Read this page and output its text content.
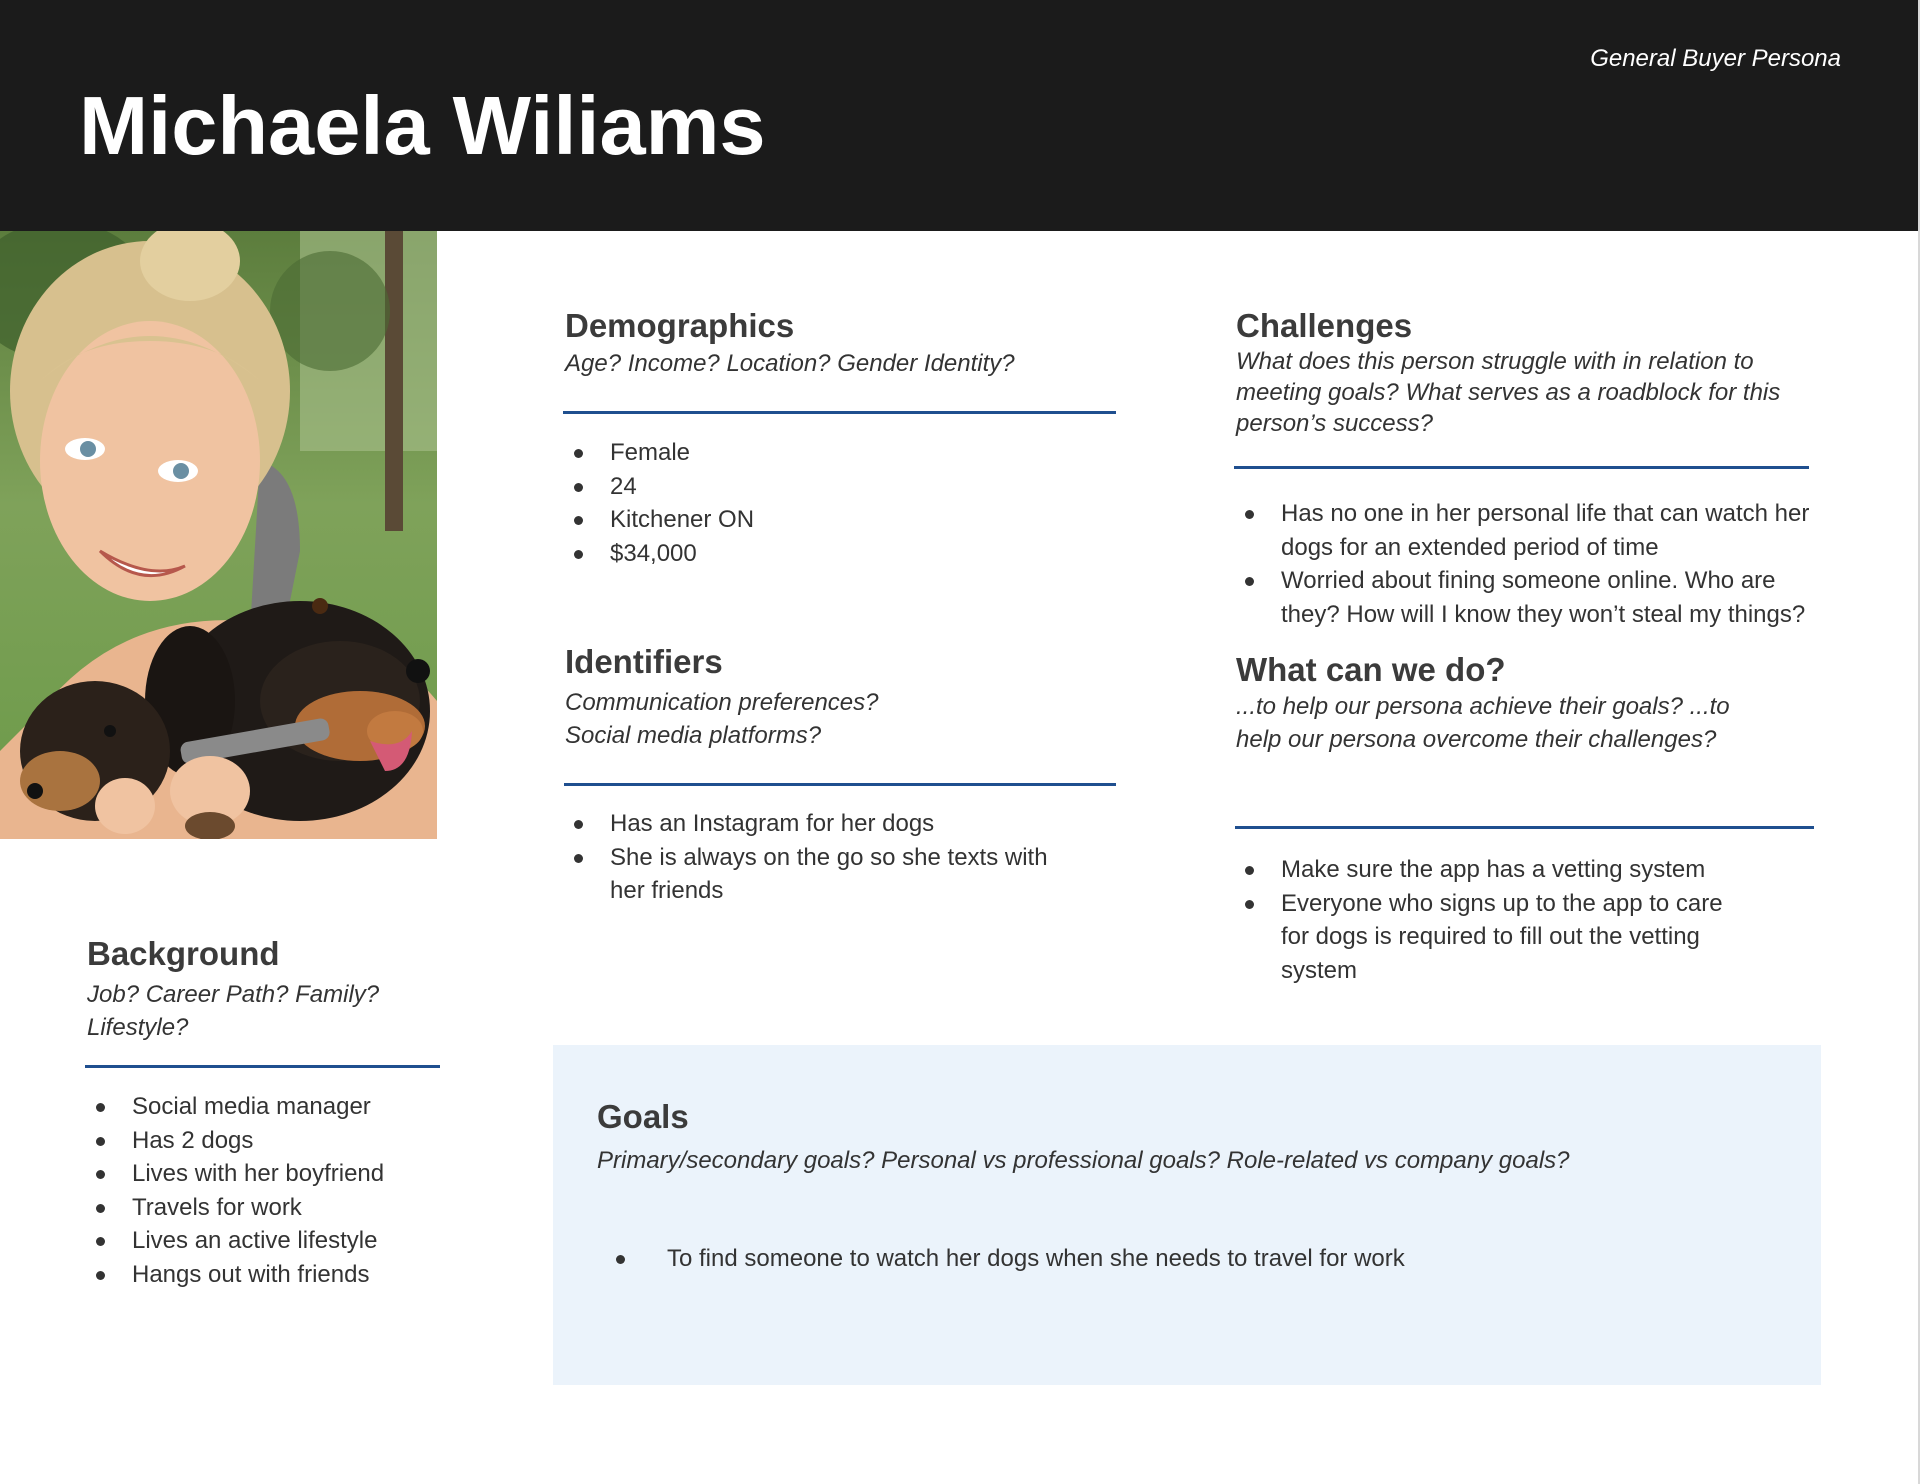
Michaela Wiliams
General Buyer Persona
Demographics

Age? Income? Location? Gender Identity?

Female
24
Kitchener ON
$34,000
Identifiers

Communication preferences?

Social media platforms?

Has an Instagram for her dogs
She is always on the go so she texts with her friends
Challenges

What does this person struggle with in relation to meeting goals? What serves as a roadblock for this person’s success?

Has no one in her personal life that can watch her dogs for an extended period of time
Worried about fining someone online. Who are they? How will I know they won’t steal my things?
What can we do?

...to help our persona achieve their goals? ...to help our persona overcome their challenges?

Make sure the app has a vetting system
Everyone who signs up to the app to care for dogs is required to fill out the vetting system
Background

Job? Career Path? Family? Lifestyle?

Social media manager
Has 2 dogs
Lives with her boyfriend
Travels for work
Lives an active lifestyle
Hangs out with friends
Goals

Primary/secondary goals? Personal vs professional goals? Role-related vs company goals?

To find someone to watch her dogs when she needs to travel for work
